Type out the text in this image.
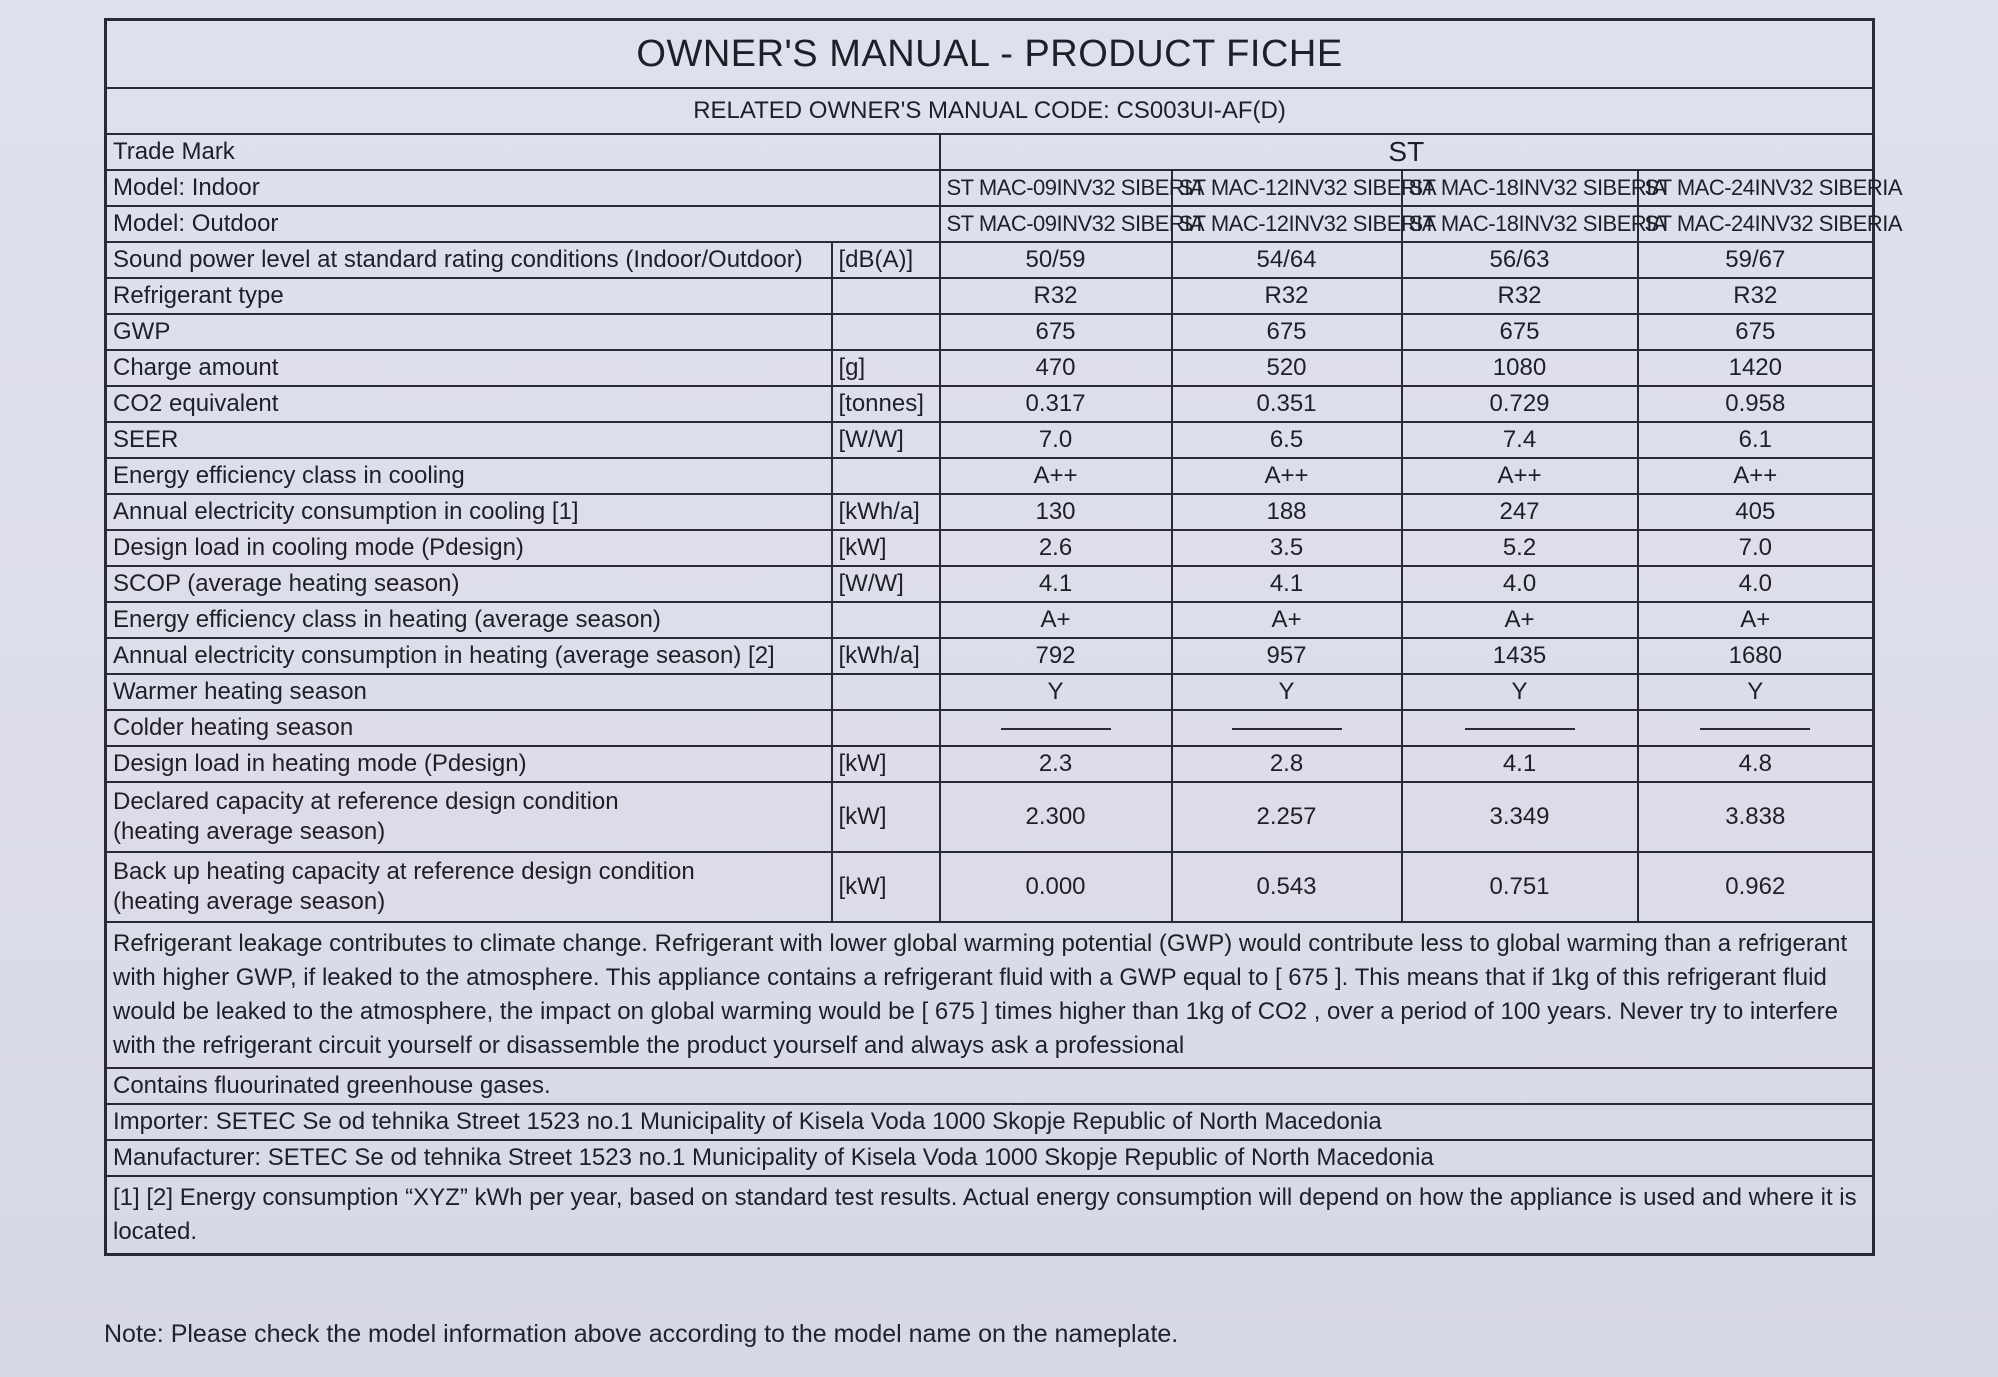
OWNER'S MANUAL - PRODUCT FICHE					
RELATED OWNER'S MANUAL CODE: CS003UI-AF(D)					
Trade Mark		ST			
Model: Indoor		ST MAC-09INV32 SIBERIA	ST MAC-12INV32 SIBERIA	ST MAC-18INV32 SIBERIA	ST MAC-24INV32 SIBERIA
Model: Outdoor		ST MAC-09INV32 SIBERIA	ST MAC-12INV32 SIBERIA	ST MAC-18INV32 SIBERIA	ST MAC-24INV32 SIBERIA
Sound power level at standard rating conditions (Indoor/Outdoor)	[dB(A)]	50/59	54/64	56/63	59/67
Refrigerant type		R32	R32	R32	R32
GWP		675	675	675	675
Charge amount	[g]	470	520	1080	1420
CO2 equivalent	[tonnes]	0.317	0.351	0.729	0.958
SEER	[W/W]	7.0	6.5	7.4	6.1
Energy efficiency class in cooling		A++	A++	A++	A++
Annual electricity consumption in cooling [1]	[kWh/a]	130	188	247	405
Design load in cooling mode (Pdesign)	[kW]	2.6	3.5	5.2	7.0
SCOP (average heating season)	[W/W]	4.1	4.1	4.0	4.0
Energy efficiency class in heating (average season)		A+	A+	A+	A+
Annual electricity consumption in heating (average season) [2]	[kWh/a]	792	957	1435	1680
Warmer heating season		Y	Y	Y	Y
Colder heating season					
Design load in heating mode (Pdesign)	[kW]	2.3	2.8	4.1	4.8

Declared capacity at reference design condition
(heating average season)	[kW]	2.300	2.257	3.349	3.838

Back up heating capacity at reference design condition
(heating average season)	[kW]	0.000	0.543	0.751	0.962
Refrigerant leakage contributes to climate change. Refrigerant with lower global warming potential (GWP) would contribute less to global warming than a refrigerant with higher GWP, if leaked to the atmosphere. This appliance contains a refrigerant fluid with a GWP equal to [ 675 ]. This means that if 1kg of this refrigerant fluid would be leaked to the atmosphere, the impact on global warming would be [ 675 ] times higher than 1kg of CO2 , over a period of 100 years. Never try to interfere with the refrigerant circuit yourself or disassemble the product yourself and always ask a professional					
Contains fluourinated greenhouse gases.					
Importer: SETEC Se od tehnika Street 1523 no.1 Municipality of Kisela Voda 1000 Skopje Republic of North Macedonia					
Manufacturer: SETEC Se od tehnika Street 1523 no.1 Municipality of Kisela Voda 1000 Skopje Republic of North Macedonia					
[1] [2] Energy consumption “XYZ” kWh per year, based on standard test results. Actual energy consumption will depend on how the appliance is used and where it is located.					
Note: Please check the model information above according to the model name on the nameplate.
